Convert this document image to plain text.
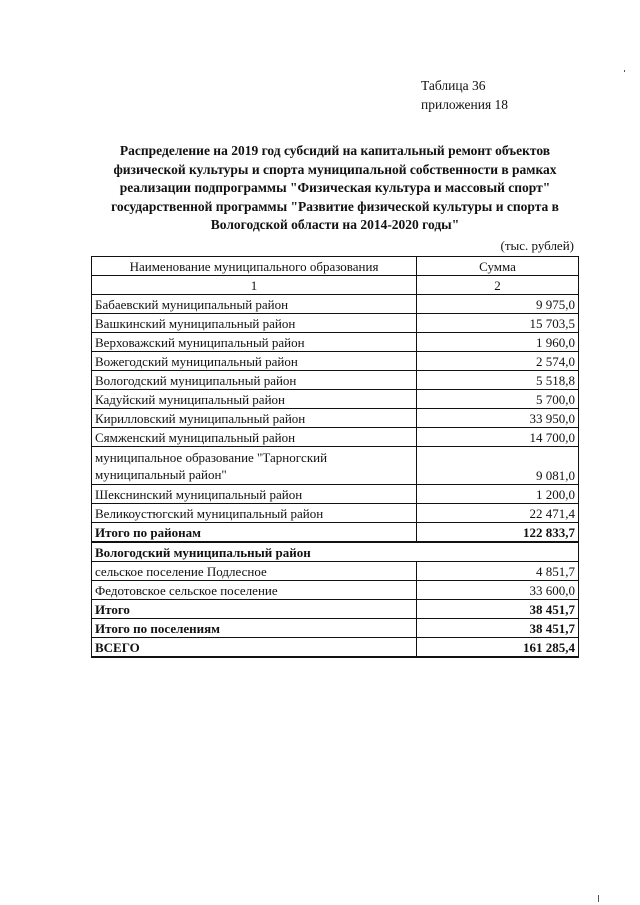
Таблица 36
приложения 18
Распределение на 2019 год субсидий на капитальный ремонт объектов физической культуры и спорта муниципальной собственности в рамках реализации подпрограммы "Физическая культура и массовый спорт" государственной программы "Развитие физической культуры и спорта в Вологодской области на 2014-2020 годы"
(тыс. рублей)
Наименование муниципального образования	Сумма
1	2
Бабаевский муниципальный район	9 975,0
Вашкинский муниципальный район	15 703,5
Верховажский муниципальный район	1 960,0
Вожегодский муниципальный район	2 574,0
Вологодский муниципальный район	5 518,8
Кадуйский муниципальный район	5 700,0
Кирилловский муниципальный район	33 950,0
Сямженский муниципальный район	14 700,0
муниципальное образование "Тарногский муниципальный район"	9 081,0
Шекснинский муниципальный район	1 200,0
Великоустюгский муниципальный район	22 471,4
Итого по районам	122 833,7
Вологодский муниципальный район	
сельское поселение Подлесное	4 851,7
Федотовское сельское поселение	33 600,0
Итого	38 451,7
Итого по поселениям	38 451,7
ВСЕГО	161 285,4
